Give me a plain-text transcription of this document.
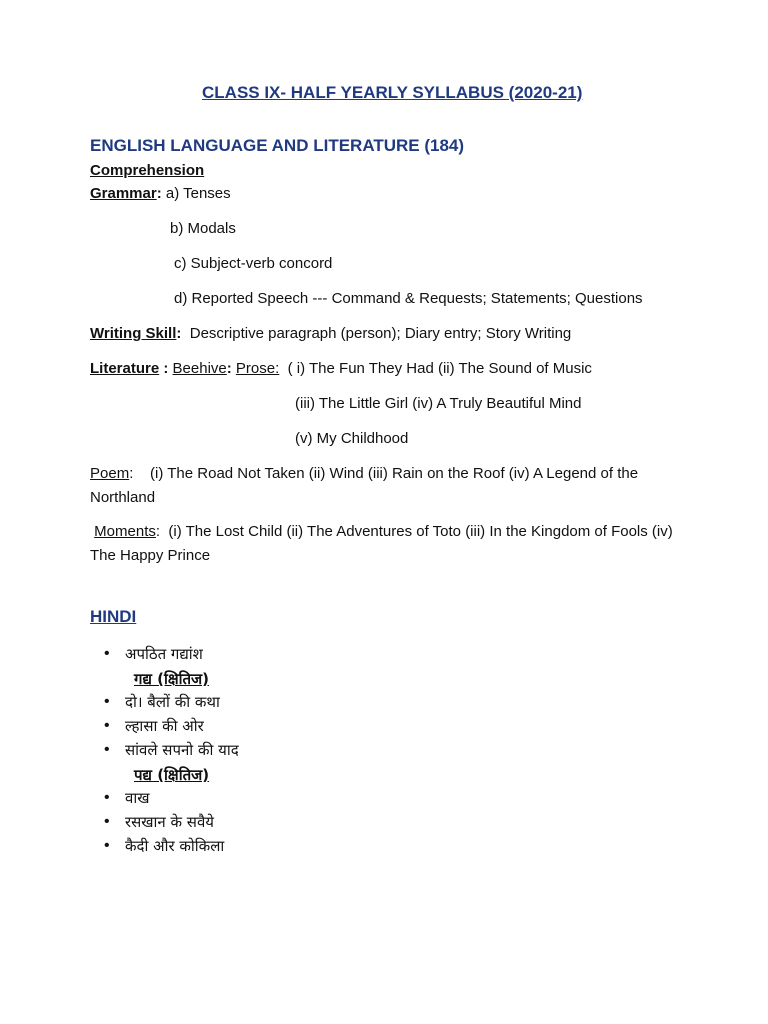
CLASS IX- HALF YEARLY SYLLABUS (2020-21)
ENGLISH LANGUAGE AND LITERATURE (184)
Comprehension
Grammar: a) Tenses
b) Modals
c) Subject-verb concord
d) Reported Speech --- Command & Requests; Statements; Questions
Writing Skill: Descriptive paragraph (person); Diary entry; Story Writing
Literature : Beehive: Prose: ( i) The Fun They Had (ii) The Sound of Music
(iii) The Little Girl (iv) A Truly Beautiful Mind
(v) My Childhood
Poem:    (i) The Road Not Taken (ii) Wind (iii) Rain on the Roof (iv) A Legend of the Northland
Moments:  (i) The Lost Child (ii) The Adventures of Toto (iii) In the Kingdom of Fools (iv) The Happy Prince
HINDI
• अपठित गद्यांश
गद्य (क्षितिज)
• दो। बैलों की कथा
• ल्हासा की ओर
• सांवले सपनो की याद
पद्य (क्षितिज)
• वाख
• रसखान के सवैये
• कैदी और कोकिला
